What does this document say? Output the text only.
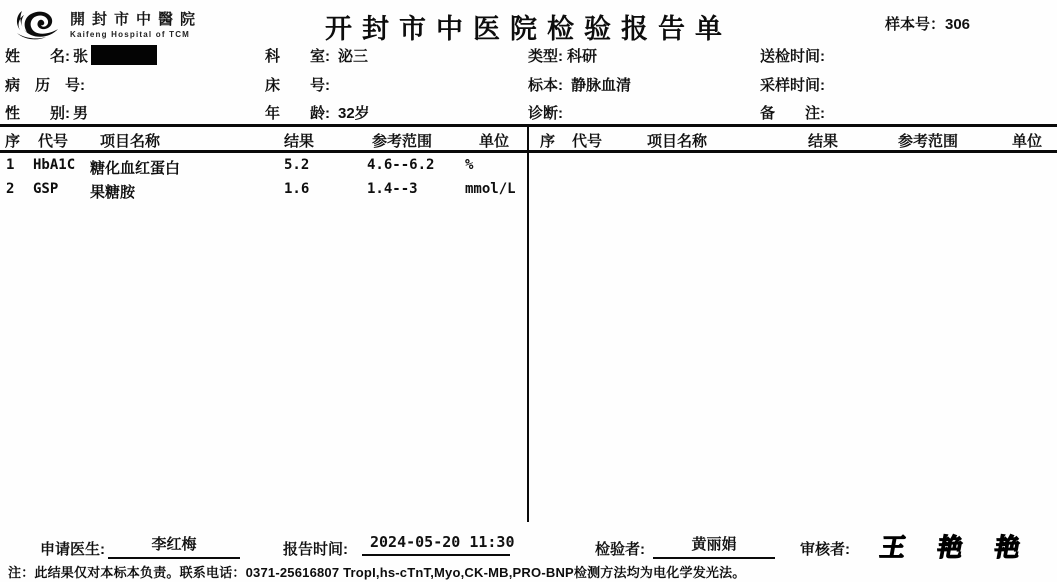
開封市中醫院
Kaifeng Hospital of TCM	开封市中医院检验报告单	样本号：306
姓　　名: 张	科　　室: 泌三	类型: 科研	送检时间:
病　历　号:	床　　号:	标本: 静脉血清	采样时间:
性　　别: 男	年　　龄: 32岁	诊断:	备　　注:
序 代号 项目名称	结果	参考范围	单位 序 代号	项目名称	结果	参考范围	单位
1 HbA1C 糖化血红蛋白	5.2	4.6--6.2 %
2 GSP 果糖胺	1.6	1.4--3	mmol/L
申请医生:	李红梅	报告时间:	2024-05-20 11:30	检验者:	黄丽娟	审核者:	王 艳 艳
注：此结果仅对本标本负责。联系电话：0371-25616807 TropI,hs-cTnT,Myo,CK-MB,PRO-BNP检测方法均为电化学发光法。
